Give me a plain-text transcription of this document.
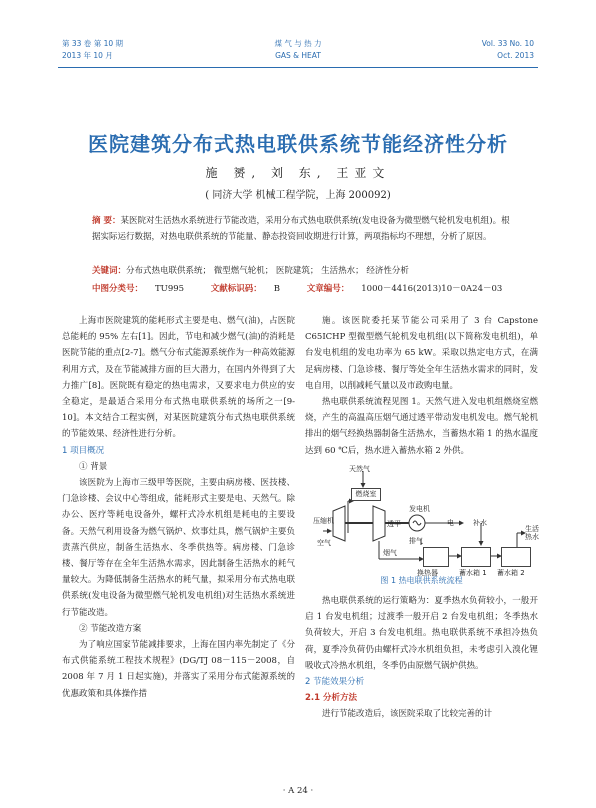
第 33 卷 第 10 期
2013 年 10 月
煤 气 与 热 力
GAS & HEAT
Vol. 33 No. 10
Oct. 2013
医院建筑分布式热电联供系统节能经济性分析
施 赟, 刘 东, 王亚文
( 同济大学 机械工程学院，上海 200092)
摘 要：某医院对生活热水系统进行节能改造，采用分布式热电联供系统(发电设备为微型燃气轮机发电机组)。根据实际运行数据，对热电联供系统的节能量、静态投资回收期进行计算，两项指标均不理想，分析了原因。
关键词：分布式热电联供系统； 微型燃气轮机； 医院建筑； 生活热水； 经济性分析
中图分类号： TU995	文献标识码： B	文章编号： 1000－4416(2013)10－0A24－03

上海市医院建筑的能耗形式主要是电、燃气(油)，占医院总能耗的 95% 左右[1]。因此，节电和减少燃气(油)的消耗是医院节能的重点[2-7]。燃气分布式能源系统作为一种高效能源利用方式，及在节能减排方面的巨大潜力，在国内外得到了大力推广[8]。医院既有稳定的热电需求，又要求电力供应的安全稳定，是最适合采用分布式热电联供系统的场所之一[9-10]。本文结合工程实例，对某医院建筑分布式热电联供系统的节能效果、经济性进行分析。

1 项目概况

① 背景

该医院为上海市三级甲等医院，主要由病房楼、医技楼、门急诊楼、会议中心等组成，能耗形式主要是电、天然气。除办公、医疗等耗电设备外，螺杆式冷水机组是耗电的主要设备。天然气利用设备为燃气锅炉、炊事灶具，燃气锅炉主要负责蒸汽供应，制备生活热水、冬季供热等。病房楼、门急诊楼、餐厅等存在全年生活热水需求，因此制备生活热水的耗气量较大。为降低制备生活热水的耗气量，拟采用分布式热电联供系统(发电设备为微型燃气轮机发电机组)对生活热水系统进行节能改造。

② 节能改造方案

为了响应国家节能减排要求，上海在国内率先制定了《分布式供能系统工程技术规程》(DG/TJ 08－115－2008，自 2008 年 7 月 1 日起实施)，并落实了采用分布式能源系统的优惠政策和具体操作措

施。该医院委托某节能公司采用了 3 台 Capstone C65ICHP 型微型燃气轮机发电机组(以下简称发电机组)，单台发电机组的发电功率为 65 kW。采取以热定电方式，在满足病房楼、门急诊楼、餐厅等处全年生活热水需求的同时，发电自用，以削减耗气量以及市政购电量。

热电联供系统流程见图 1。天然气进入发电机组燃烧室燃烧，产生的高温高压烟气通过透平带动发电机发电。燃气轮机排出的烟气经换热器制备生活热水，当蓄热水箱 1 的热水温度达到 60 ℃后，热水进入蓄热水箱 2 外供。

天然气
燃烧室
压缩机
空气
透平
发电机
电	补水
烟气
排气
换热器	蓄水箱 1 蓄水箱 2
生活热水
图 1 热电联供系统流程

热电联供系统的运行策略为：夏季热水负荷较小，一般开启 1 台发电机组；过渡季一般开启 2 台发电机组；冬季热水负荷较大，开启 3 台发电机组。热电联供系统不承担冷热负荷，夏季冷负荷仍由螺杆式冷水机组负担，未考虑引入溴化锂吸收式冷热水机组，冬季仍由原燃气锅炉供热。

2 节能效果分析

2.1 分析方法

进行节能改造后，该医院采取了比较完善的计

· A 24 ·
